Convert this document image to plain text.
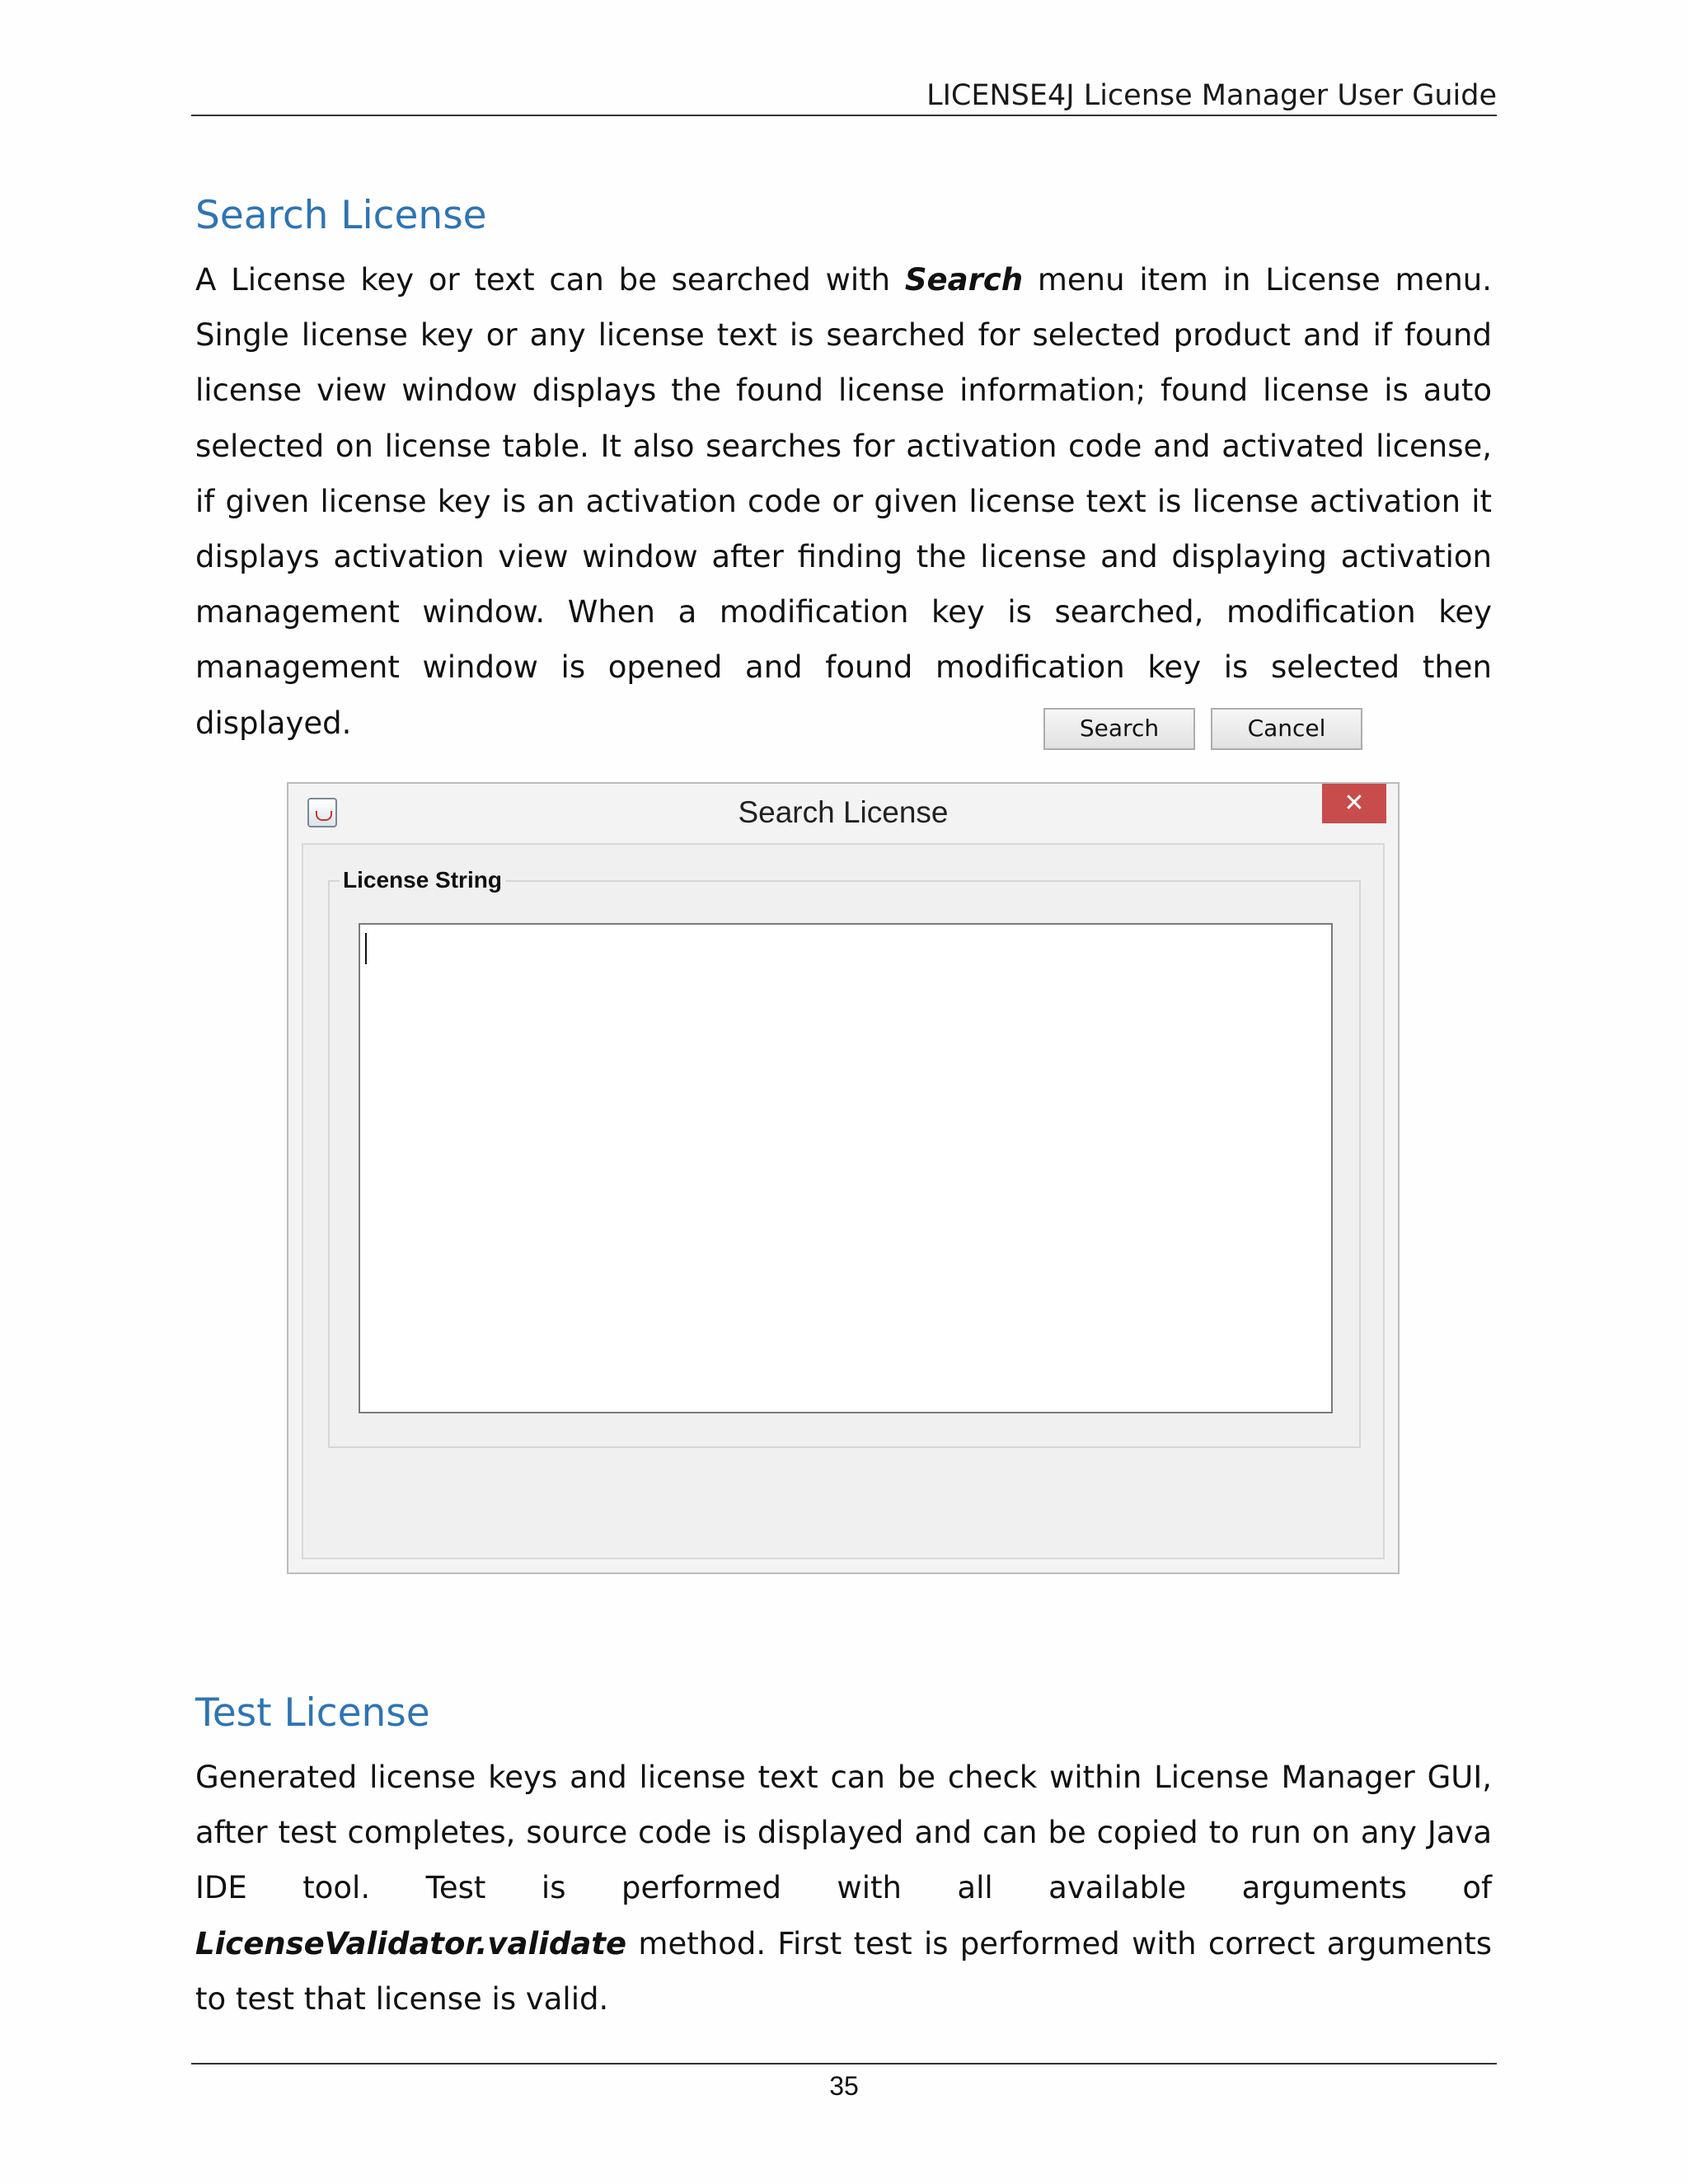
LICENSE4J License Manager User Guide
Search License

A License key or text can be searched with Search menu item in License menu. Single license key or any license text is searched for selected product and if found license view window displays the found license information; found license is auto selected on license table. It also searches for activation code and activated license, if given license key is an activation code or given license text is license activation it displays activation view window after finding the license and displaying activation management window. When a modification key is searched, modification key management window is opened and found modification key is selected then displayed.

Search License	✕
License String
Search	Cancel
Test License

Generated license keys and license text can be check within License Manager GUI, after test completes, source code is displayed and can be copied to run on any Java IDE tool. Test is performed with all available arguments of LicenseValidator.validate method. First test is performed with correct arguments to test that license is valid.

35
